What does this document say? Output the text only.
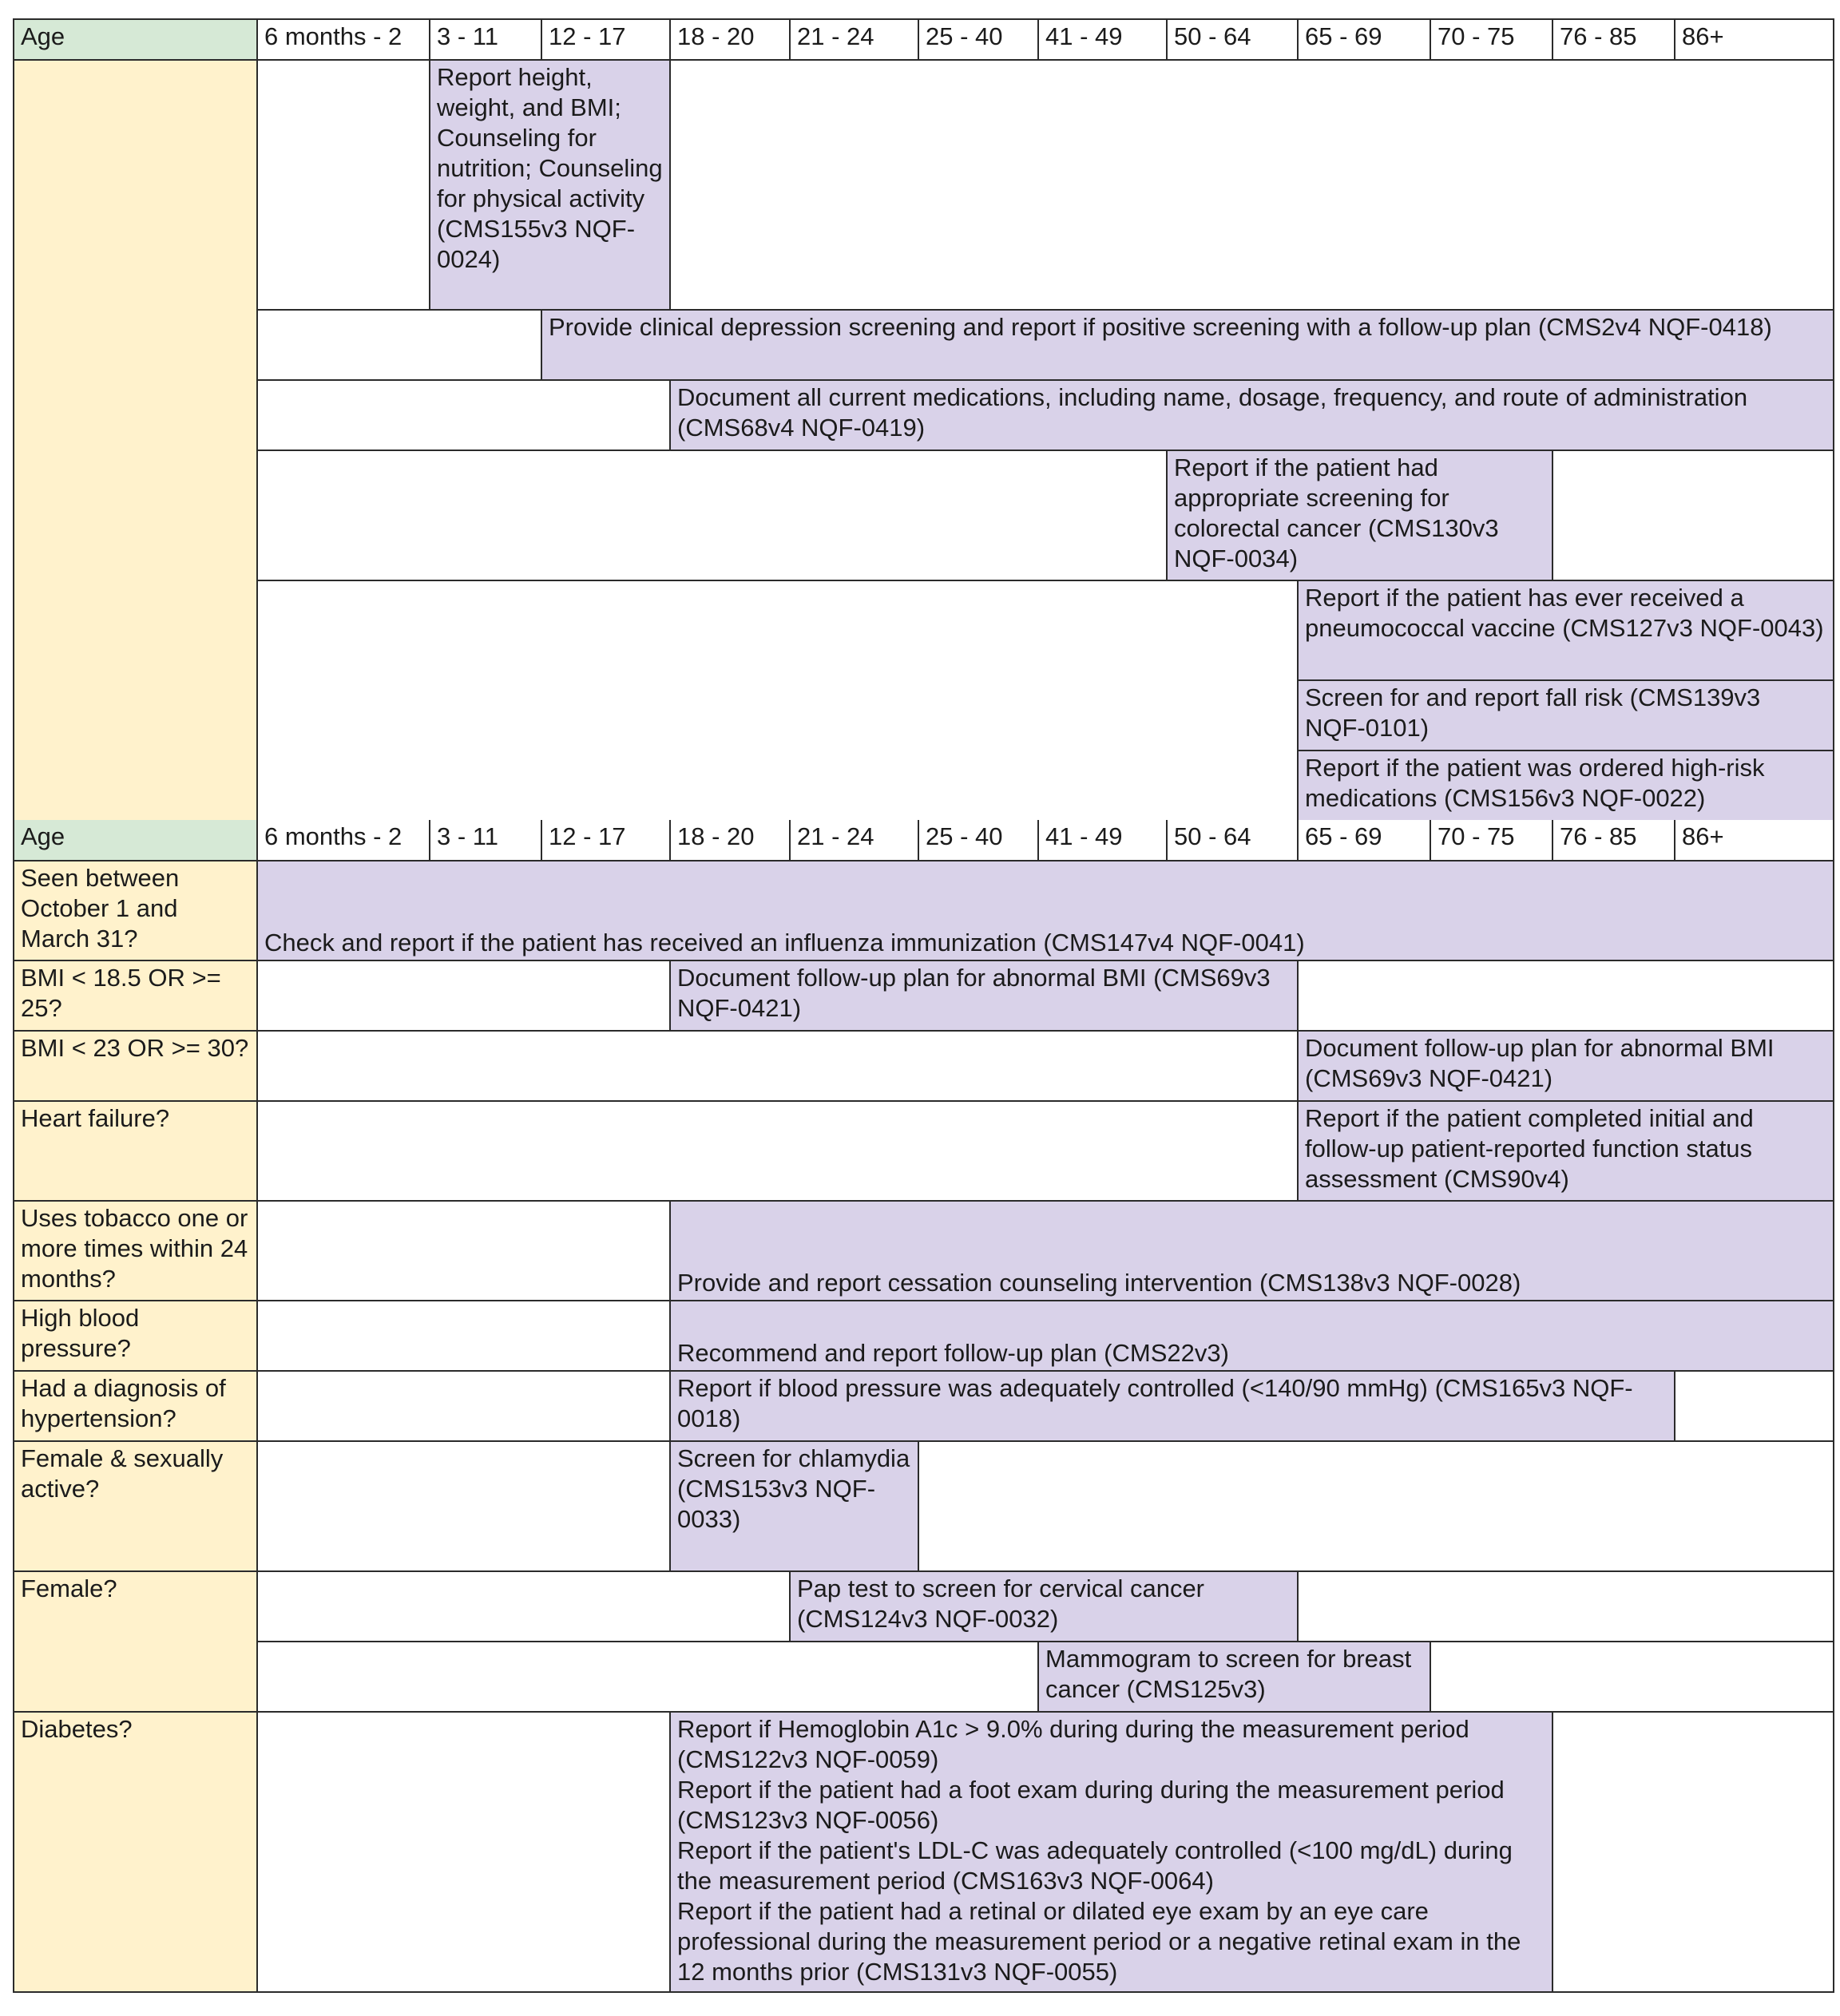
Age	6 months - 2	3 - 11	12 - 17	18 - 20	21 - 24	25 - 40	41 - 49	50 - 64	65 - 69	70 - 75	76 - 85	86+
		Report height, weight, and BMI; Counseling for nutrition; Counseling for physical activity (CMS155v3 NQF-0024)										
			Provide clinical depression screening and report if positive screening with a follow-up plan (CMS2v4 NQF-0418)									
				Document all current medications, including name, dosage, frequency, and route of administration (CMS68v4 NQF-0419)								
								Report if the patient had appropriate screening for colorectal cancer (CMS130v3 NQF-0034)				
									Report if the patient has ever received a pneumococcal vaccine (CMS127v3 NQF-0043)			
									Screen for and report fall risk (CMS139v3 NQF-0101)			
									Report if the patient was ordered high-risk medications (CMS156v3 NQF-0022)			
Age	6 months - 2	3 - 11	12 - 17	18 - 20	21 - 24	25 - 40	41 - 49	50 - 64	65 - 69	70 - 75	76 - 85	86+
Seen between October 1 and March 31?	Check and report if the patient has received an influenza immunization (CMS147v4 NQF-0041)											
BMI < 18.5 OR >= 25?				Document follow-up plan for abnormal BMI (CMS69v3 NQF-0421)								
BMI < 23 OR >= 30?									Document follow-up plan for abnormal BMI (CMS69v3 NQF-0421)			
Heart failure?									Report if the patient completed initial and follow-up patient-reported function status assessment (CMS90v4)			
Uses tobacco one or more times within 24 months?				Provide and report cessation counseling intervention (CMS138v3 NQF-0028)								
High blood pressure?				Recommend and report follow-up plan (CMS22v3)								
Had a diagnosis of hypertension?				Report if blood pressure was adequately controlled (<140/90 mmHg) (CMS165v3 NQF-0018)								
Female & sexually active?				Screen for chlamydia (CMS153v3 NQF-0033)								
Female?					Pap test to screen for cervical cancer (CMS124v3 NQF-0032)							
							Mammogram to screen for breast cancer (CMS125v3)					
Diabetes?				Report if Hemoglobin A1c > 9.0% during during the measurement period (CMS122v3 NQF-0059)
Report if the patient had a foot exam during during the measurement period (CMS123v3 NQF-0056)
Report if the patient's LDL-C was adequately controlled (<100 mg/dL) during the measurement period (CMS163v3 NQF-0064)
Report if the patient had a retinal or dilated eye exam by an eye care professional during the measurement period or a negative retinal exam in the 12 months prior (CMS131v3 NQF-0055)								
